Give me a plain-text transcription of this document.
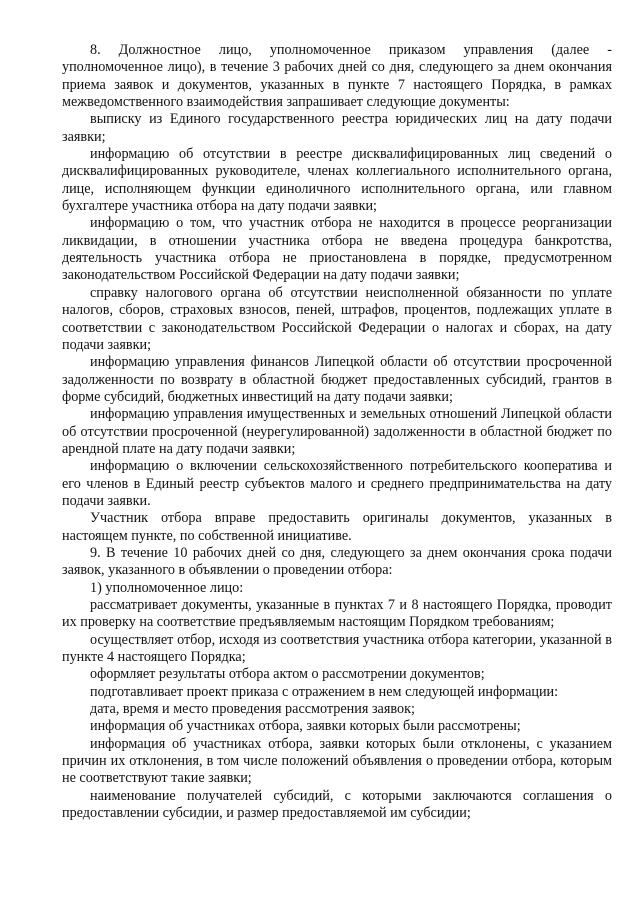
8. Должностное лицо, уполномоченное приказом управления (далее - уполномоченное лицо), в течение 3 рабочих дней со дня, следующего за днем окончания приема заявок и документов, указанных в пункте 7 настоящего Порядка, в рамках межведомственного взаимодействия запрашивает следующие документы:

выписку из Единого государственного реестра юридических лиц на дату подачи заявки;

информацию об отсутствии в реестре дисквалифицированных лиц сведений о дисквалифицированных руководителе, членах коллегиального исполнительного органа, лице, исполняющем функции единоличного исполнительного органа, или главном бухгалтере участника отбора на дату подачи заявки;

информацию о том, что участник отбора не находится в процессе реорганизации ликвидации, в отношении участника отбора не введена процедура банкротства, деятельность участника отбора не приостановлена в порядке, предусмотренном законодательством Российской Федерации на дату подачи заявки;

справку налогового органа об отсутствии неисполненной обязанности по уплате налогов, сборов, страховых взносов, пеней, штрафов, процентов, подлежащих уплате в соответствии с законодательством Российской Федерации о налогах и сборах, на дату подачи заявки;

информацию управления финансов Липецкой области об отсутствии просроченной задолженности по возврату в областной бюджет предоставленных субсидий, грантов в форме субсидий, бюджетных инвестиций на дату подачи заявки;

информацию управления имущественных и земельных отношений Липецкой области об отсутствии просроченной (неурегулированной) задолженности в областной бюджет по арендной плате на дату подачи заявки;

информацию о включении сельскохозяйственного потребительского кооператива и его членов в Единый реестр субъектов малого и среднего предпринимательства на дату подачи заявки.

Участник отбора вправе предоставить оригиналы документов, указанных в настоящем пункте, по собственной инициативе.

9. В течение 10 рабочих дней со дня, следующего за днем окончания срока подачи заявок, указанного в объявлении о проведении отбора:

1) уполномоченное лицо:

рассматривает документы, указанные в пунктах 7 и 8 настоящего Порядка, проводит их проверку на соответствие предъявляемым настоящим Порядком требованиям;

осуществляет отбор, исходя из соответствия участника отбора категории, указанной в пункте 4 настоящего Порядка;

оформляет результаты отбора актом о рассмотрении документов;

подготавливает проект приказа с отражением в нем следующей информации:

дата, время и место проведения рассмотрения заявок;

информация об участниках отбора, заявки которых были рассмотрены;

информация об участниках отбора, заявки которых были отклонены, с указанием причин их отклонения, в том числе положений объявления о проведении отбора, которым не соответствуют такие заявки;

наименование получателей субсидий, с которыми заключаются соглашения о предоставлении субсидии, и размер предоставляемой им субсидии;
